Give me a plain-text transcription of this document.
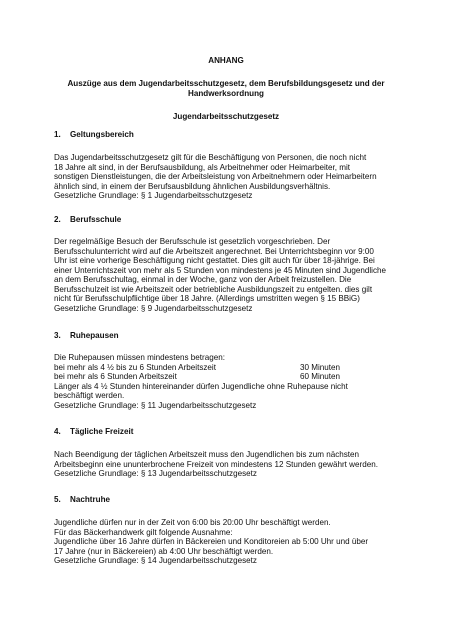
ANHANG

Auszüge aus dem Jugendarbeitsschutzgesetz, dem Berufsbildungsgesetz und der

Handwerksordnung

Jugendarbeitsschutzgesetz

1. Geltungsbereich

Das Jugendarbeitsschutzgesetz gilt für die Beschäftigung von Personen, die noch nicht

18 Jahre alt sind, in der Berufsausbildung, als Arbeitnehmer oder Heimarbeiter, mit

sonstigen Dienstleistungen, die der Arbeitsleistung von Arbeitnehmern oder Heimarbeitern

ähnlich sind, in einem der Berufsausbildung ähnlichen Ausbildungsverhältnis.

Gesetzliche Grundlage: § 1 Jugendarbeitsschutzgesetz

2. Berufsschule

Der regelmäßige Besuch der Berufsschule ist gesetzlich vorgeschrieben. Der

Berufsschulunterricht wird auf die Arbeitszeit angerechnet. Bei Unterrichtsbeginn vor 9:00

Uhr ist eine vorherige Beschäftigung nicht gestattet. Dies gilt auch für über 18-jährige. Bei

einer Unterrichtszeit von mehr als 5 Stunden von mindestens je 45 Minuten sind Jugendliche

an dem Berufsschultag, einmal in der Woche, ganz von der Arbeit freizustellen. Die

Berufsschulzeit ist wie Arbeitszeit oder betriebliche Ausbildungszeit zu entgelten. dies gilt

nicht für Berufsschulpflichtige über 18 Jahre. (Allerdings umstritten wegen § 15 BBiG)

Gesetzliche Grundlage: § 9 Jugendarbeitsschutzgesetz

3. Ruhepausen

Die Ruhepausen müssen mindestens betragen:

bei mehr als 4 ½ bis zu 6 Stunden Arbeitszeit	30 Minuten
bei mehr als 6 Stunden Arbeitszeit	60 Minuten

Länger als 4 ½ Stunden hintereinander dürfen Jugendliche ohne Ruhepause nicht

beschäftigt werden.

Gesetzliche Grundlage: § 11 Jugendarbeitsschutzgesetz

4. Tägliche Freizeit

Nach Beendigung der täglichen Arbeitszeit muss den Jugendlichen bis zum nächsten

Arbeitsbeginn eine ununterbrochene Freizeit von mindestens 12 Stunden gewährt werden.

Gesetzliche Grundlage: § 13 Jugendarbeitsschutzgesetz

5. Nachtruhe

Jugendliche dürfen nur in der Zeit von 6:00 bis 20:00 Uhr beschäftigt werden.

Für das Bäckerhandwerk gilt folgende Ausnahme:

Jugendliche über 16 Jahre dürfen in Bäckereien und Konditoreien ab 5:00 Uhr und über

17 Jahre (nur in Bäckereien) ab 4:00 Uhr beschäftigt werden.

Gesetzliche Grundlage: § 14 Jugendarbeitsschutzgesetz
